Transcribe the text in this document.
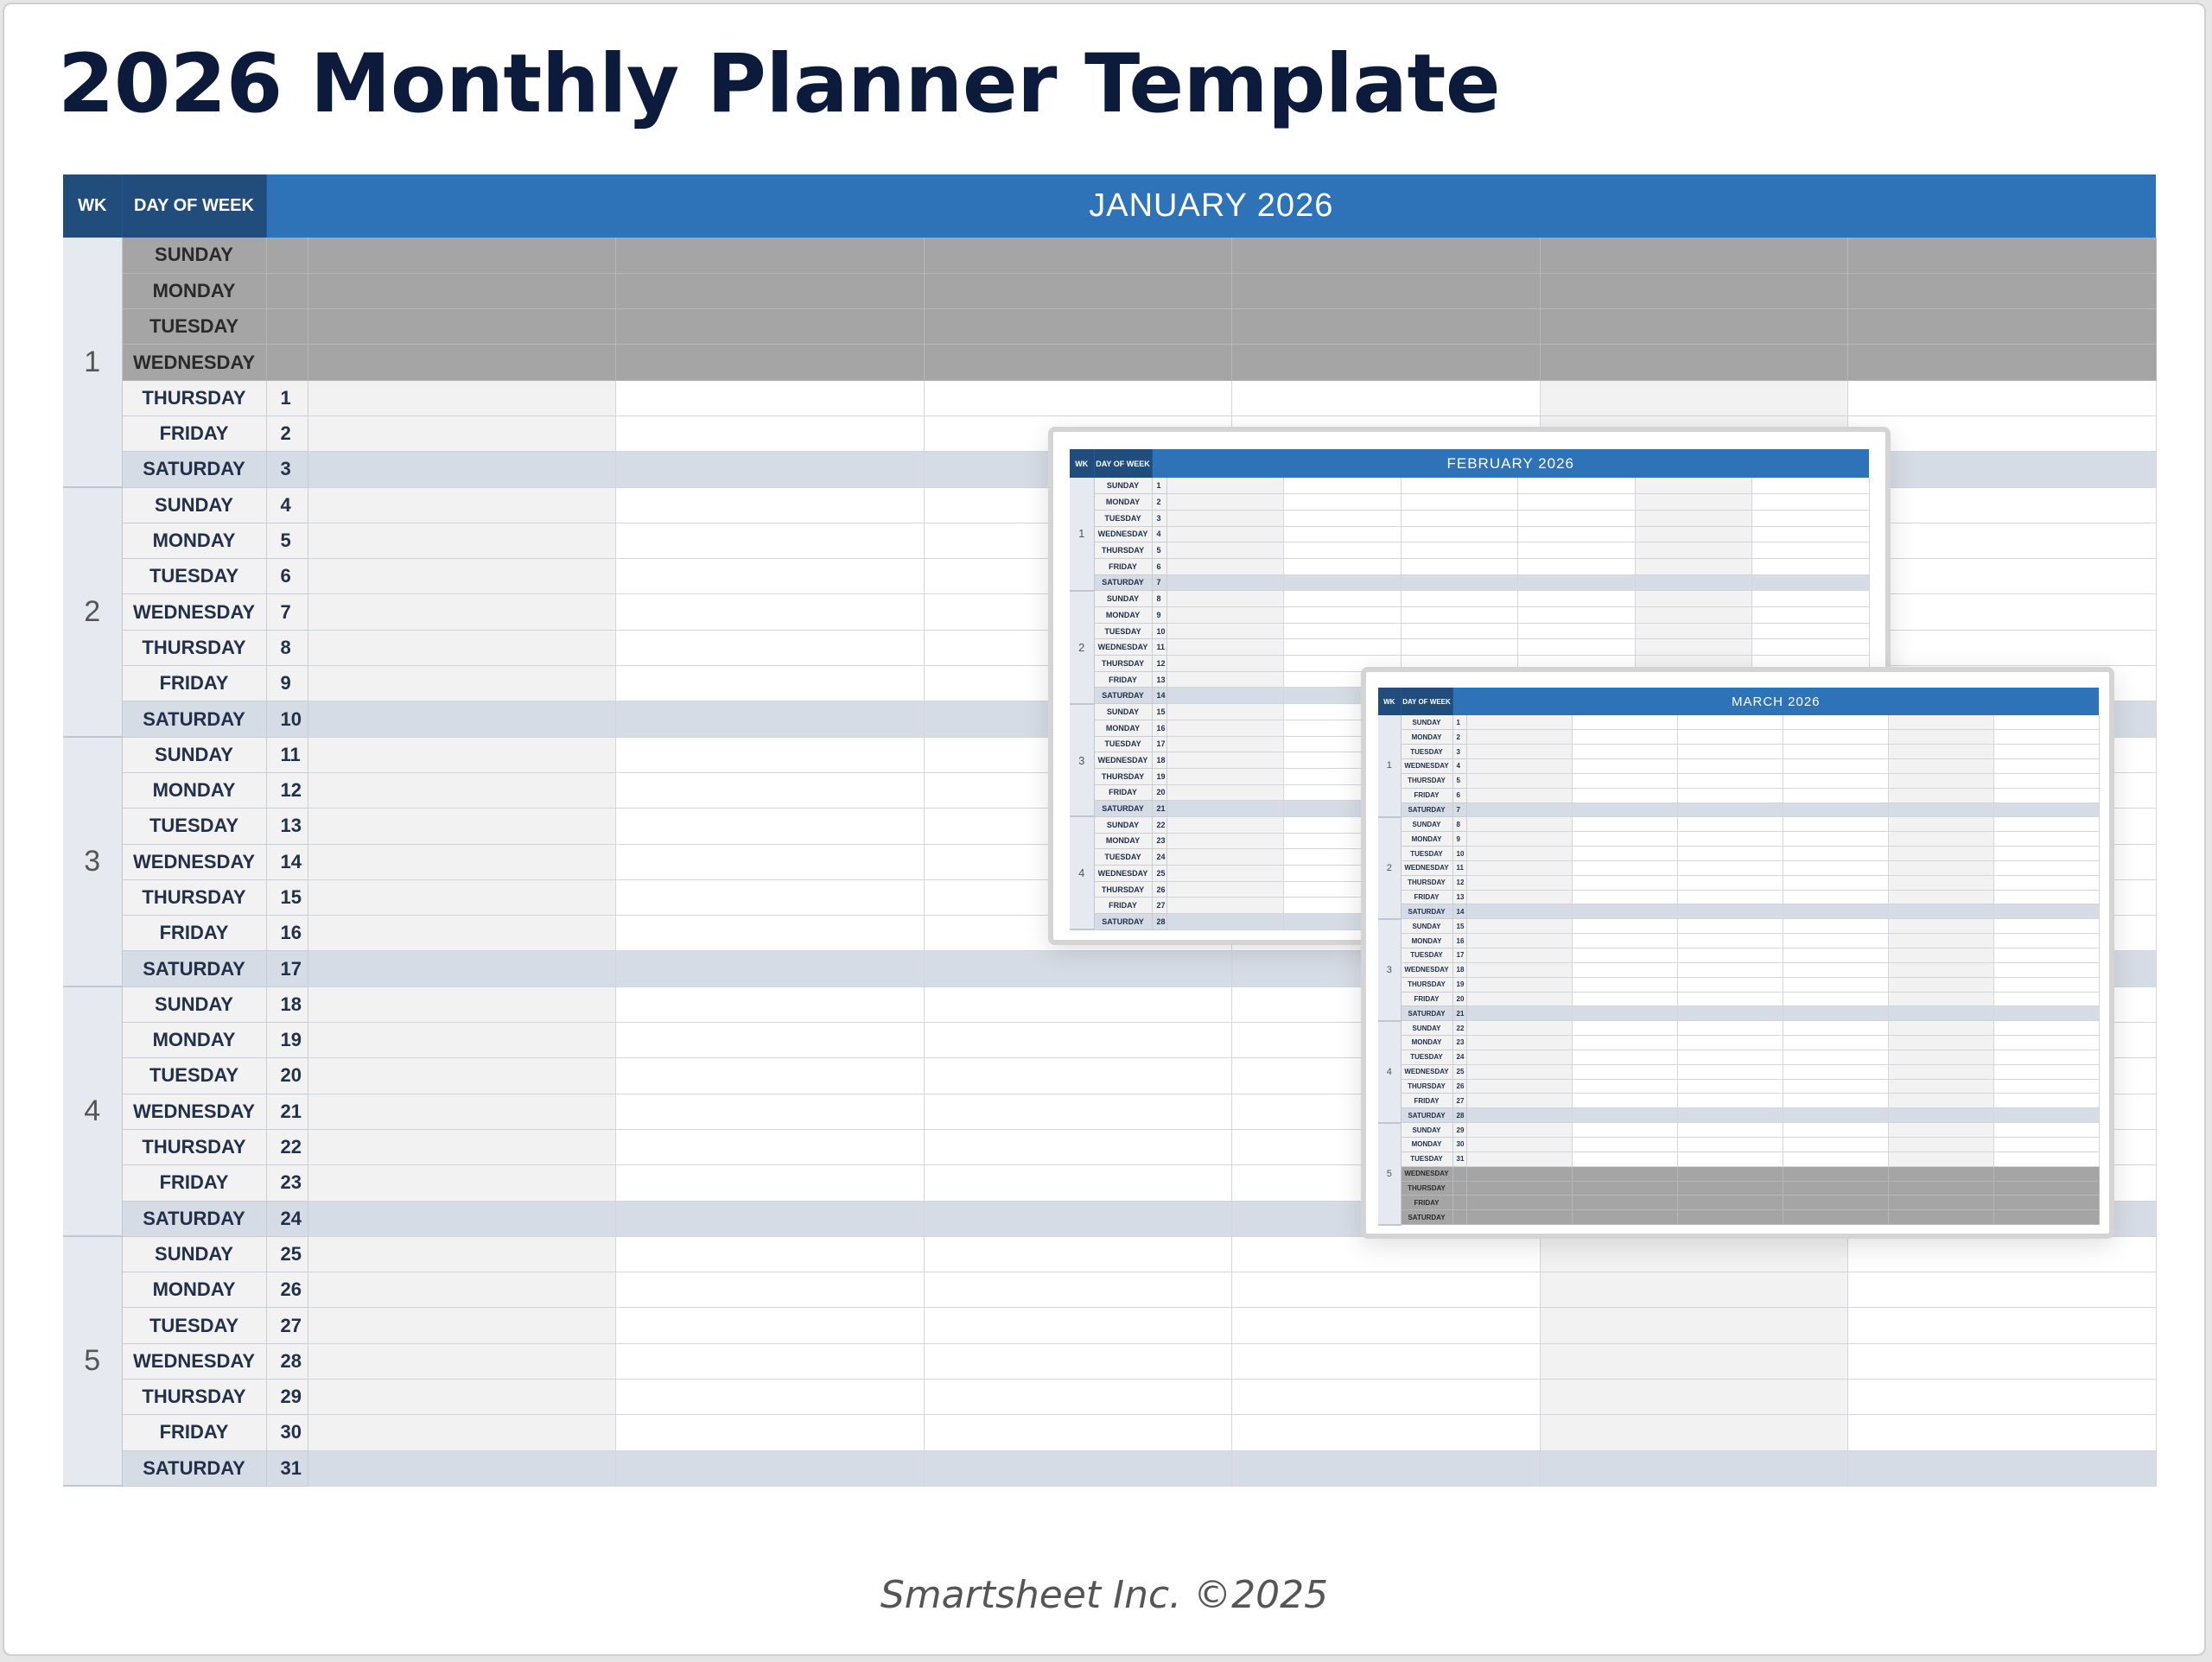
2026 Monthly Planner Template
WK	DAY OF WEEK	JANUARY 2026						
1	SUNDAY							
	MONDAY							
	TUESDAY							
	WEDNESDAY							
	THURSDAY	1						
	FRIDAY	2						
	SATURDAY	3						
2	SUNDAY	4						
	MONDAY	5						
	TUESDAY	6						
	WEDNESDAY	7						
	THURSDAY	8						
	FRIDAY	9						
	SATURDAY	10						
3	SUNDAY	11						
	MONDAY	12						
	TUESDAY	13						
	WEDNESDAY	14						
	THURSDAY	15						
	FRIDAY	16						
	SATURDAY	17						
4	SUNDAY	18						
	MONDAY	19						
	TUESDAY	20						
	WEDNESDAY	21						
	THURSDAY	22						
	FRIDAY	23						
	SATURDAY	24						
5	SUNDAY	25						
	MONDAY	26						
	TUESDAY	27						
	WEDNESDAY	28						
	THURSDAY	29						
	FRIDAY	30						
	SATURDAY	31						
WK	DAY OF WEEK	FEBRUARY 2026						
1	SUNDAY	1						
	MONDAY	2						
	TUESDAY	3						
	WEDNESDAY	4						
	THURSDAY	5						
	FRIDAY	6						
	SATURDAY	7						
2	SUNDAY	8						
	MONDAY	9						
	TUESDAY	10						
	WEDNESDAY	11						
	THURSDAY	12						
	FRIDAY	13						
	SATURDAY	14						
3	SUNDAY	15						
	MONDAY	16						
	TUESDAY	17						
	WEDNESDAY	18						
	THURSDAY	19						
	FRIDAY	20						
	SATURDAY	21						
4	SUNDAY	22						
	MONDAY	23						
	TUESDAY	24						
	WEDNESDAY	25						
	THURSDAY	26						
	FRIDAY	27						
	SATURDAY	28						
WK	DAY OF WEEK	MARCH 2026						
1	SUNDAY	1						
	MONDAY	2						
	TUESDAY	3						
	WEDNESDAY	4						
	THURSDAY	5						
	FRIDAY	6						
	SATURDAY	7						
2	SUNDAY	8						
	MONDAY	9						
	TUESDAY	10						
	WEDNESDAY	11						
	THURSDAY	12						
	FRIDAY	13						
	SATURDAY	14						
3	SUNDAY	15						
	MONDAY	16						
	TUESDAY	17						
	WEDNESDAY	18						
	THURSDAY	19						
	FRIDAY	20						
	SATURDAY	21						
4	SUNDAY	22						
	MONDAY	23						
	TUESDAY	24						
	WEDNESDAY	25						
	THURSDAY	26						
	FRIDAY	27						
	SATURDAY	28						
5	SUNDAY	29						
	MONDAY	30						
	TUESDAY	31						
	WEDNESDAY							
	THURSDAY							
	FRIDAY							
	SATURDAY							
Smartsheet Inc. ©2025
